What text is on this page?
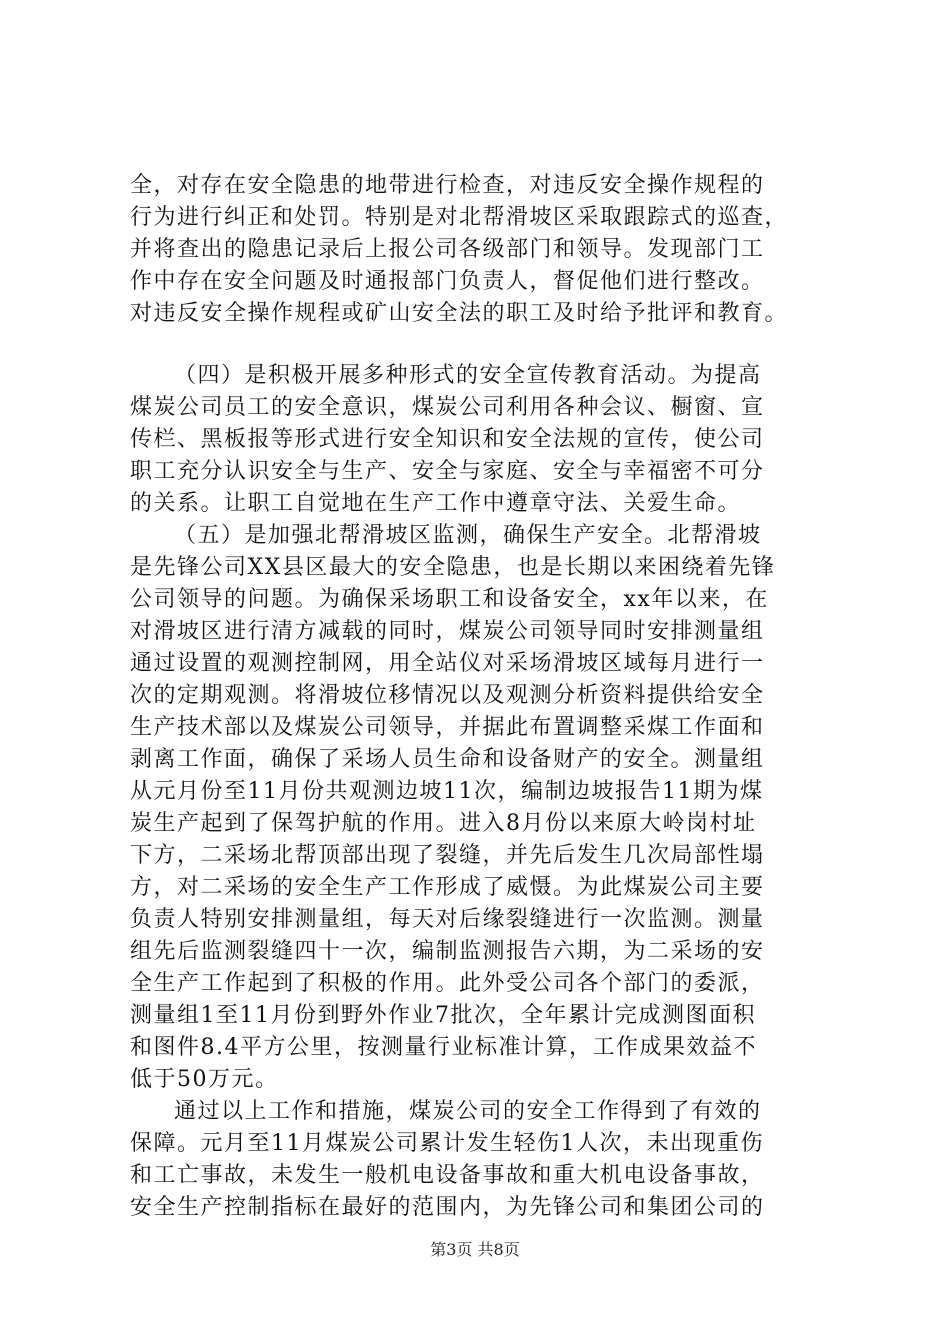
全，对存在安全隐患的地带进行检查，对违反安全操作规程的
行为进行纠正和处罚。特别是对北帮滑坡区采取跟踪式的巡查，
并将查出的隐患记录后上报公司各级部门和领导。发现部门工
作中存在安全问题及时通报部门负责人，督促他们进行整改。
对违反安全操作规程或矿山安全法的职工及时给予批评和教育。
（四）是积极开展多种形式的安全宣传教育活动。为提高
煤炭公司员工的安全意识，煤炭公司利用各种会议、橱窗、宣
传栏、黑板报等形式进行安全知识和安全法规的宣传，使公司
职工充分认识安全与生产、安全与家庭、安全与幸福密不可分
的关系。让职工自觉地在生产工作中遵章守法、关爱生命。
（五）是加强北帮滑坡区监测，确保生产安全。北帮滑坡
是先锋公司XX县区最大的安全隐患，也是长期以来困绕着先锋
公司领导的问题。为确保采场职工和设备安全，xx年以来，在
对滑坡区进行清方减载的同时，煤炭公司领导同时安排测量组
通过设置的观测控制网，用全站仪对采场滑坡区域每月进行一
次的定期观测。将滑坡位移情况以及观测分析资料提供给安全
生产技术部以及煤炭公司领导，并据此布置调整采煤工作面和
剥离工作面，确保了采场人员生命和设备财产的安全。测量组
从元月份至11月份共观测边坡11次，编制边坡报告11期为煤
炭生产起到了保驾护航的作用。进入8月份以来原大岭岗村址
下方，二采场北帮顶部出现了裂缝，并先后发生几次局部性塌
方，对二采场的安全生产工作形成了威慑。为此煤炭公司主要
负责人特别安排测量组，每天对后缘裂缝进行一次监测。测量
组先后监测裂缝四十一次，编制监测报告六期，为二采场的安
全生产工作起到了积极的作用。此外受公司各个部门的委派，
测量组1至11月份到野外作业7批次，全年累计完成测图面积
和图件8.4平方公里，按测量行业标准计算，工作成果效益不
低于50万元。
通过以上工作和措施，煤炭公司的安全工作得到了有效的
保障。元月至11月煤炭公司累计发生轻伤1人次，未出现重伤
和工亡事故，未发生一般机电设备事故和重大机电设备事故，
安全生产控制指标在最好的范围内，为先锋公司和集团公司的
第3页 共8页
